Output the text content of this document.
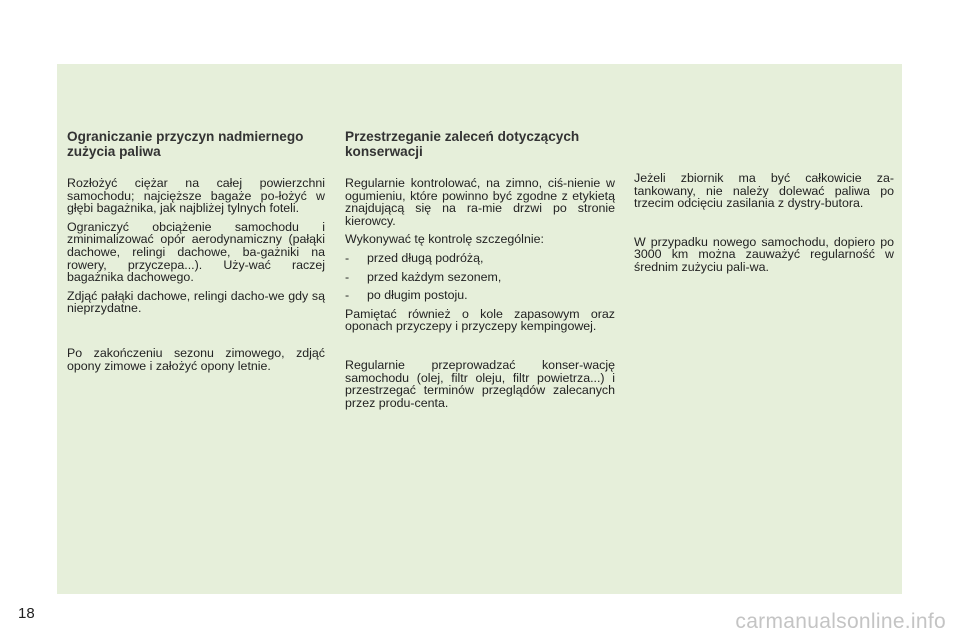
Ograniczanie przyczyn nadmiernego zużycia paliwa

Rozłożyć ciężar na całej powierzchni samochodu; najcięższe bagaże po-łożyć w głębi bagażnika, jak najbliżej tylnych foteli.

Ograniczyć obciążenie samochodu i zminimalizować opór aerodynamiczny (pałąki dachowe, relingi dachowe, ba-gażniki na rowery, przyczepa...). Uży-wać raczej bagażnika dachowego.

Zdjąć pałąki dachowe, relingi dacho-we gdy są nieprzydatne.

Po zakończeniu sezonu zimowego, zdjąć opony zimowe i założyć opony letnie.

Przestrzeganie zaleceń dotyczących konserwacji

Regularnie kontrolować, na zimno, ciś-nienie w ogumieniu, które powinno być zgodne z etykietą znajdującą się na ra-mie drzwi po stronie kierowcy.

Wykonywać tę kontrolę szczególnie:

-	przed długą podróżą,
-	przed każdym sezonem,
-	po długim postoju.

Pamiętać również o kole zapasowym oraz oponach przyczepy i przyczepy kempingowej.

Regularnie przeprowadzać konser-wację samochodu (olej, filtr oleju, filtr powietrza...) i przestrzegać terminów przeglądów zalecanych przez produ-centa.

Jeżeli zbiornik ma być całkowicie za-tankowany, nie należy dolewać paliwa po trzecim odcięciu zasilania z dystry-butora.

W przypadku nowego samochodu, dopiero po 3000 km można zauważyć regularność w średnim zużyciu pali-wa.

18	carmanualsonline.info
